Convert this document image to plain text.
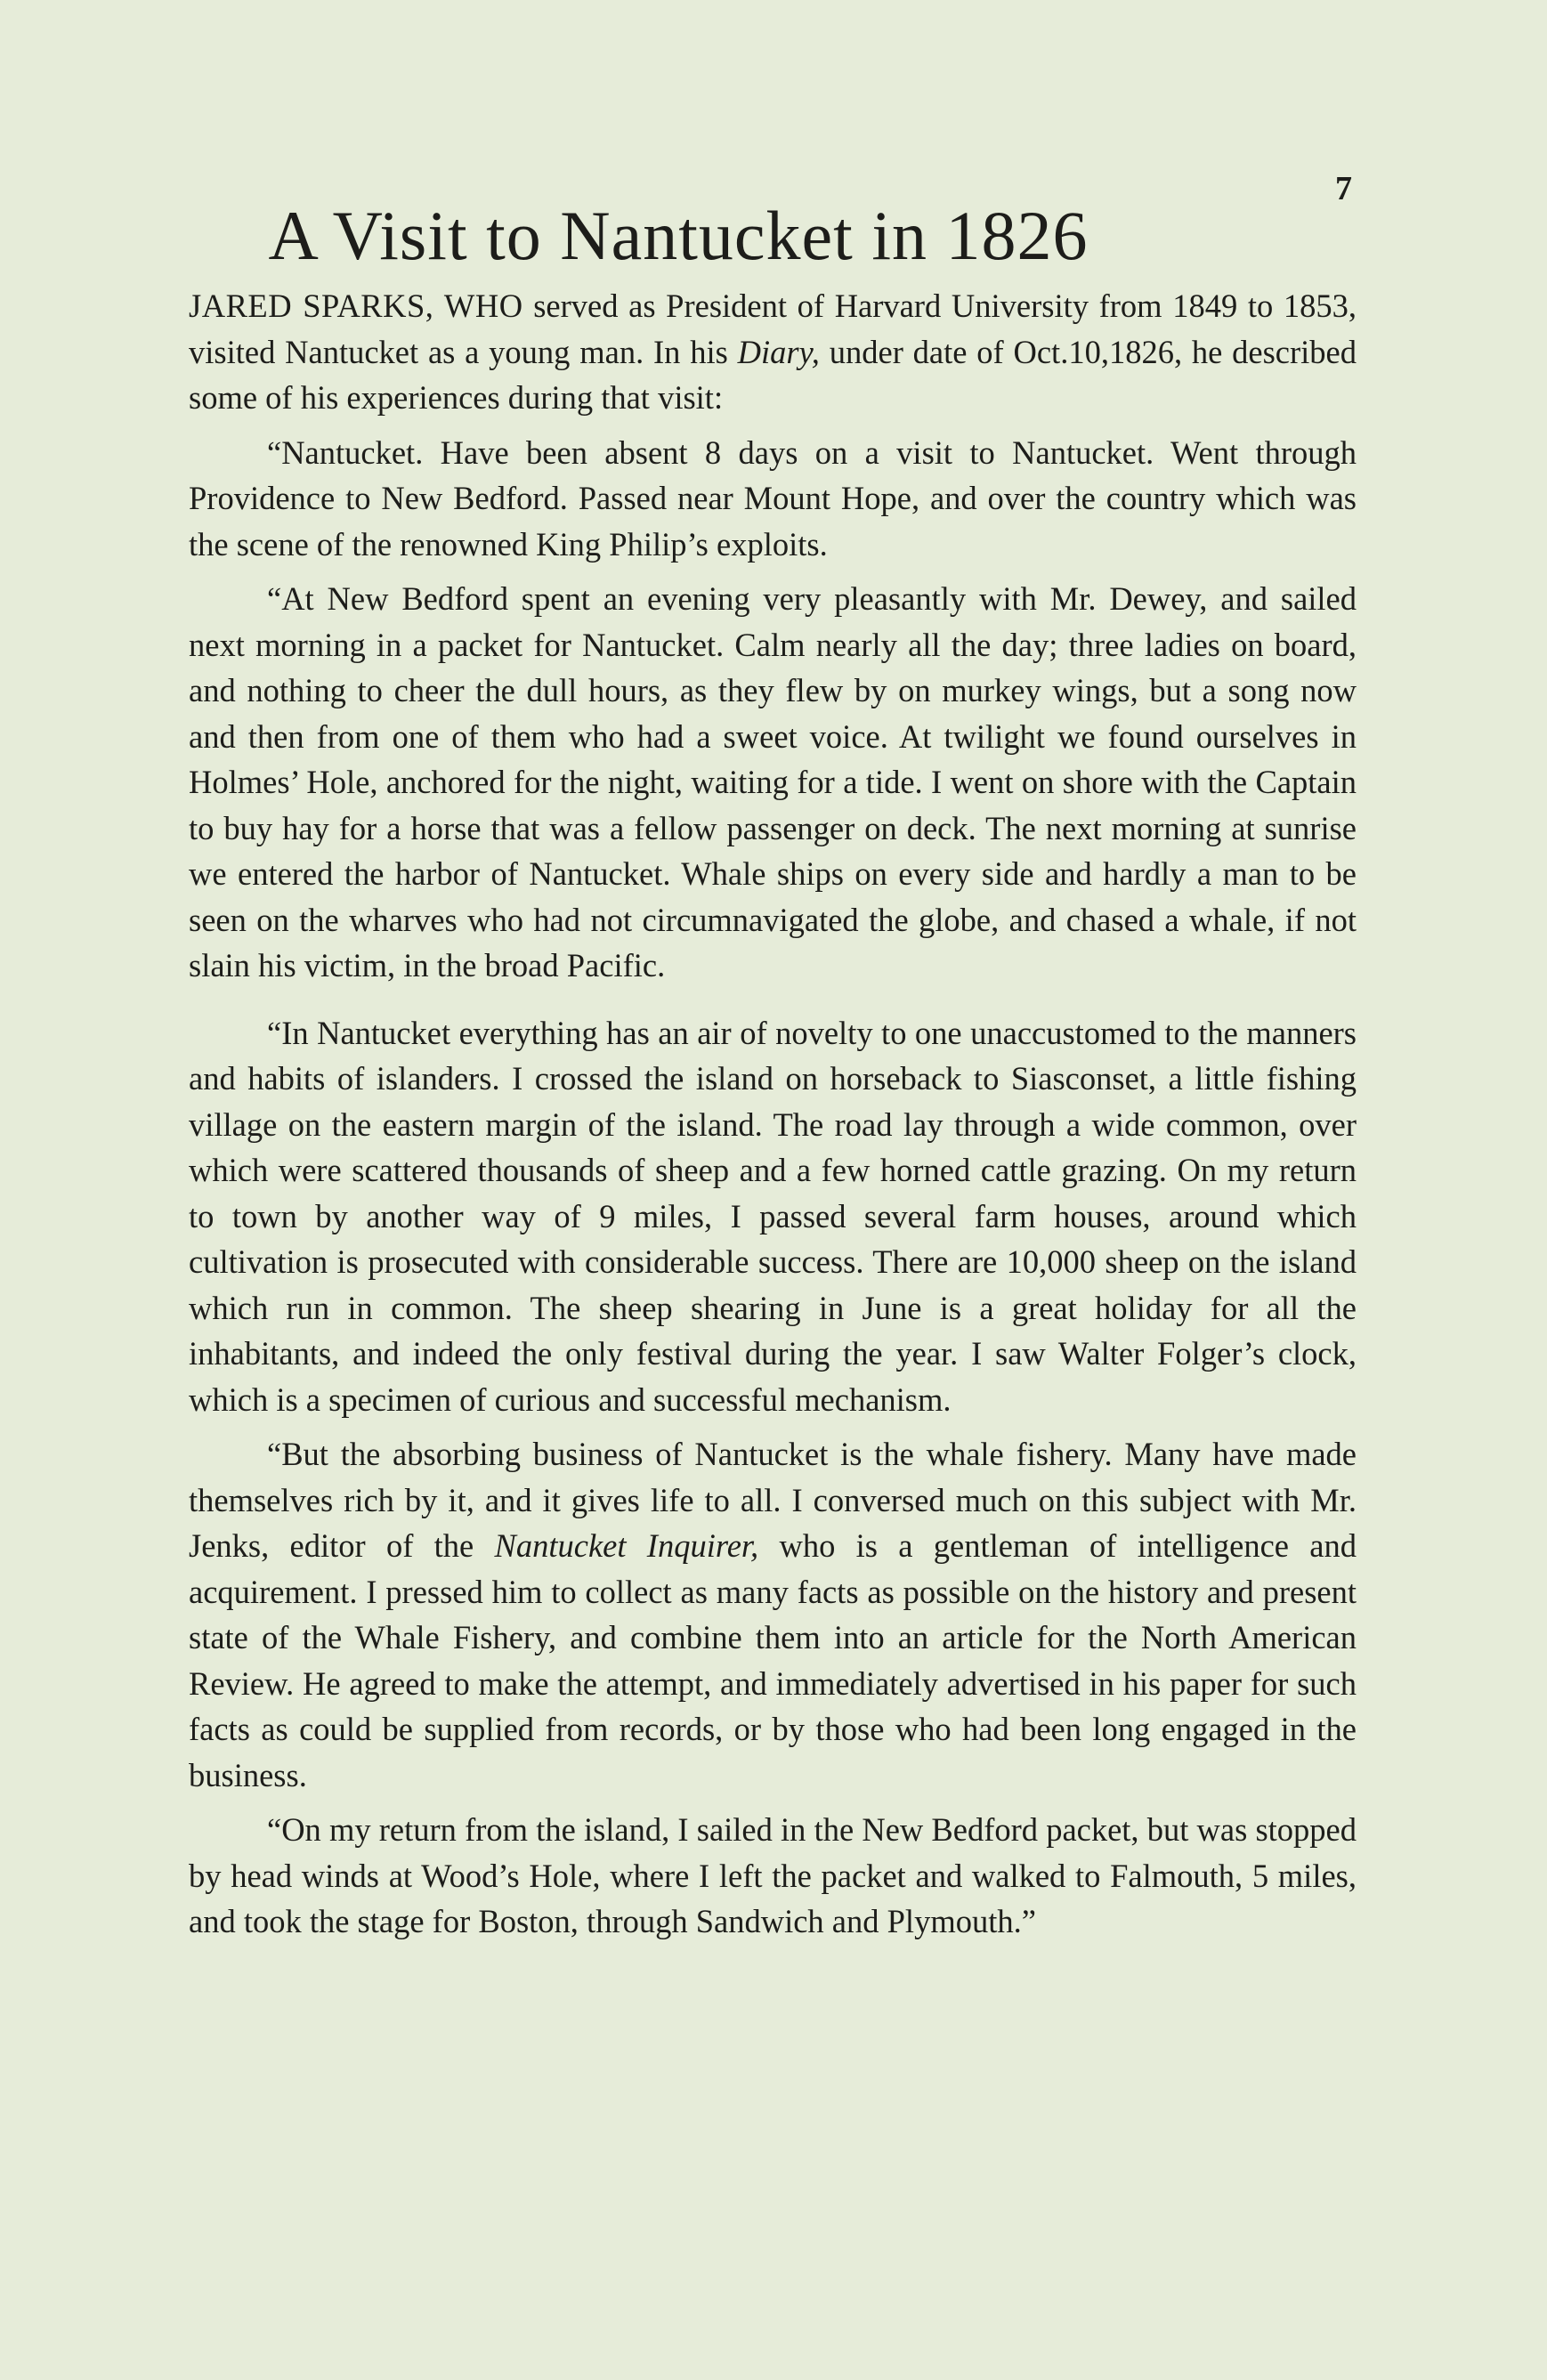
7
A Visit to Nantucket in 1826

JARED SPARKS, WHO served as President of Harvard University from 1849 to 1853, visited Nantucket as a young man. In his Diary, under date of Oct.10,1826, he described some of his experiences during that visit:

“Nantucket. Have been absent 8 days on a visit to Nantucket. Went through Providence to New Bedford. Passed near Mount Hope, and over the country which was the scene of the renowned King Philip’s exploits.

“At New Bedford spent an evening very pleasantly with Mr. Dewey, and sailed next morning in a packet for Nantucket. Calm nearly all the day; three ladies on board, and nothing to cheer the dull hours, as they flew by on murkey wings, but a song now and then from one of them who had a sweet voice. At twilight we found ourselves in Holmes’ Hole, anchored for the night, waiting for a tide. I went on shore with the Captain to buy hay for a horse that was a fellow passenger on deck. The next morning at sunrise we entered the harbor of Nantucket. Whale ships on every side and hardly a man to be seen on the wharves who had not circumnavigated the globe, and chased a whale, if not slain his victim, in the broad Pacific.

“In Nantucket everything has an air of novelty to one unaccustomed to the manners and habits of islanders. I crossed the island on horseback to Siasconset, a little fishing village on the eastern margin of the island. The road lay through a wide common, over which were scattered thousands of sheep and a few horned cattle grazing. On my return to town by another way of 9 miles, I passed several farm houses, around which cultivation is prosecuted with considerable success. There are 10,000 sheep on the island which run in common. The sheep shearing in June is a great holiday for all the inhabitants, and indeed the only festival during the year. I saw Walter Folger’s clock, which is a specimen of curious and successful mechanism.

“But the absorbing business of Nantucket is the whale fishery. Many have made themselves rich by it, and it gives life to all. I conversed much on this subject with Mr. Jenks, editor of the Nantucket Inquirer, who is a gentleman of intelligence and acquirement. I pressed him to collect as many facts as possible on the history and present state of the Whale Fishery, and combine them into an article for the North American Review. He agreed to make the attempt, and immediately advertised in his paper for such facts as could be supplied from records, or by those who had been long engaged in the business.

“On my return from the island, I sailed in the New Bedford packet, but was stopped by head winds at Wood’s Hole, where I left the packet and walked to Falmouth, 5 miles, and took the stage for Boston, through Sandwich and Plymouth.”
